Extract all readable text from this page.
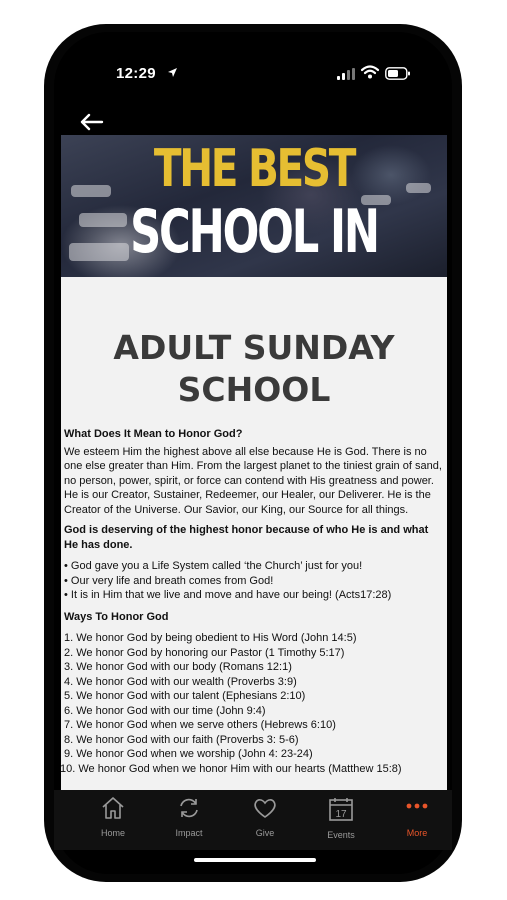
12:29
THE BEST
SCHOOL IN
ADULT SUNDAY
SCHOOL

What Does It Mean to Honor God?

We esteem Him the highest above all else because He is God. There is no one else greater than Him. From the largest planet to the tiniest grain of sand, no person, power, spirit, or force can contend with His greatness and power. He is our Creator, Sustainer, Redeemer, our Healer, our Deliverer. He is the Creator of the Universe. Our Savior, our King, our Source for all things.

God is deserving of the highest honor because of who He is and what He has done.

• God gave you a Life System called ‘the Church’ just for you!
• Our very life and breath comes from God!
• It is in Him that we live and move and have our being! (Acts17:28)

Ways To Honor God

1. We honor God by being obedient to His Word (John 14:5)
2. We honor God by honoring our Pastor (1 Timothy 5:17)
3. We honor God with our body (Romans 12:1)
4. We honor God with our wealth (Proverbs 3:9)
5. We honor God with our talent (Ephesians 2:10)
6. We honor God with our time (John 9:4)
7. We honor God when we serve others (Hebrews 6:10)
8. We honor God with our faith (Proverbs 3: 5-6)
9. We honor God when we worship (John 4: 23-24)
10. We honor God when we honor Him with our hearts (Matthew 15:8)
Home	Impact	Give
17
Events	More
